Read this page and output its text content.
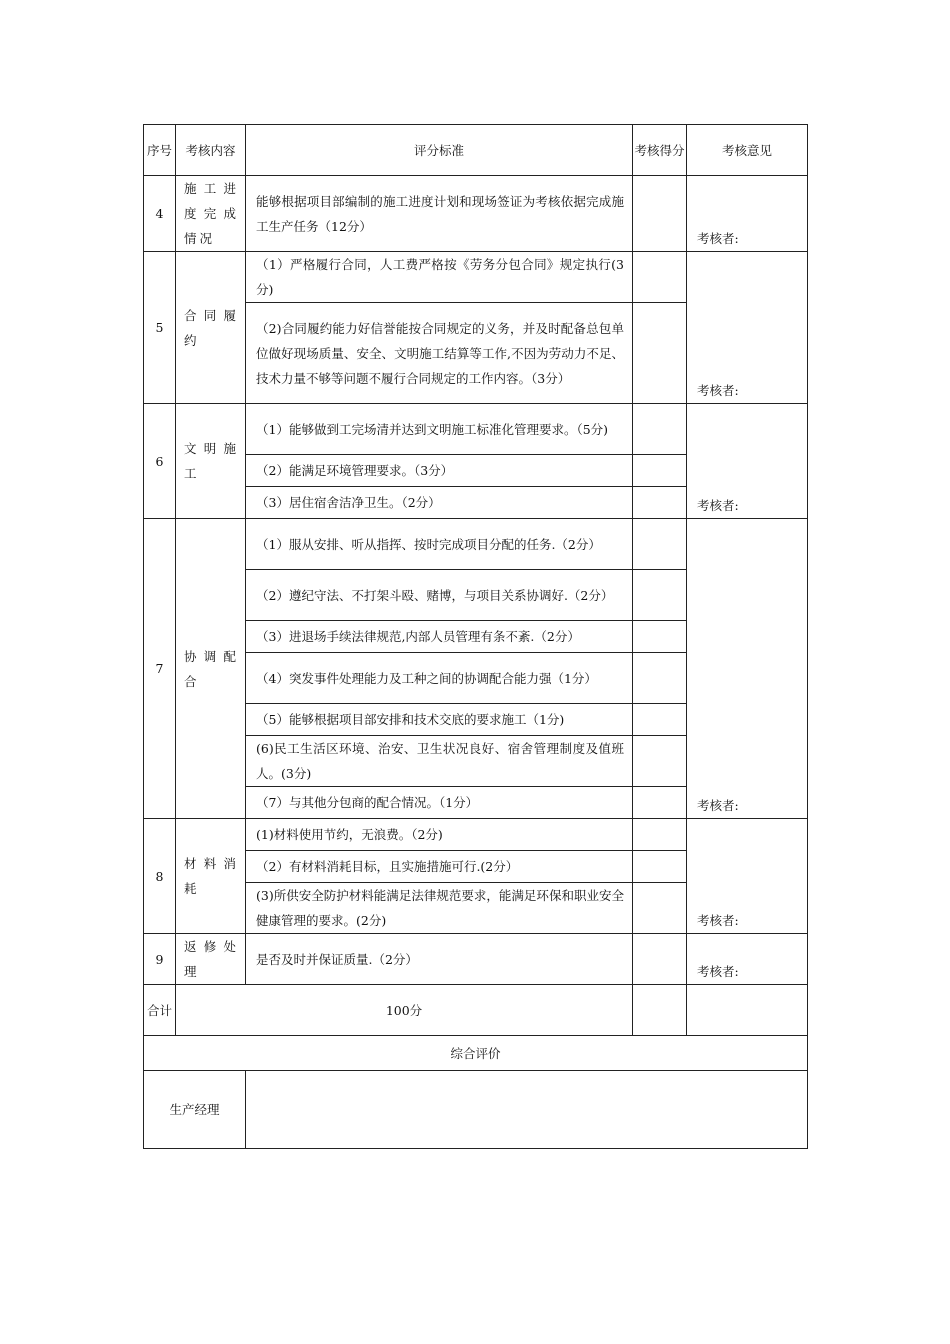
序号	考核内容	评分标准	考核得分	考核意见
4	施工进度完成情况	能够根据项目部编制的施工进度计划和现场签证为考核依据完成施工生产任务（12分）		考核者:
5	合同履约	（1）严格履行合同，人工费严格按《劳务分包合同》规定执行(3分)		考核者:
		（2)合同履约能力好信誉能按合同规定的义务，并及时配备总包单位做好现场质量、安全、文明施工结算等工作,不因为劳动力不足、技术力量不够等问题不履行合同规定的工作内容。（3分）		
6	文明施工	（1）能够做到工完场清并达到文明施工标准化管理要求。（5分)		考核者:
		（2）能满足环境管理要求。（3分）		
		（3）居住宿舍洁净卫生。（2分）		
7	协调配合	（1）服从安排、听从指挥、按时完成项目分配的任务.（2分）		考核者:
		（2）遵纪守法、不打架斗殴、赌博，与项目关系协调好.（2分）		
		（3）进退场手续法律规范,内部人员管理有条不紊.（2分）		
		（4）突发事件处理能力及工种之间的协调配合能力强（1分）		
		（5）能够根据项目部安排和技术交底的要求施工（1分)		
		(6)民工生活区环境、治安、卫生状况良好、宿舍管理制度及值班人。(3分)		
		（7）与其他分包商的配合情况。（1分）		
8	材料消耗	(1)材料使用节约，无浪费。（2分)		考核者:
		（2）有材料消耗目标，且实施措施可行.(2分）		
		(3)所供安全防护材料能满足法律规范要求，能满足环保和职业安全健康管理的要求。(2分)		
9	返修处理	是否及时并保证质量.（2分）		考核者:
合计	100分			
综合评价				
生产经理				
